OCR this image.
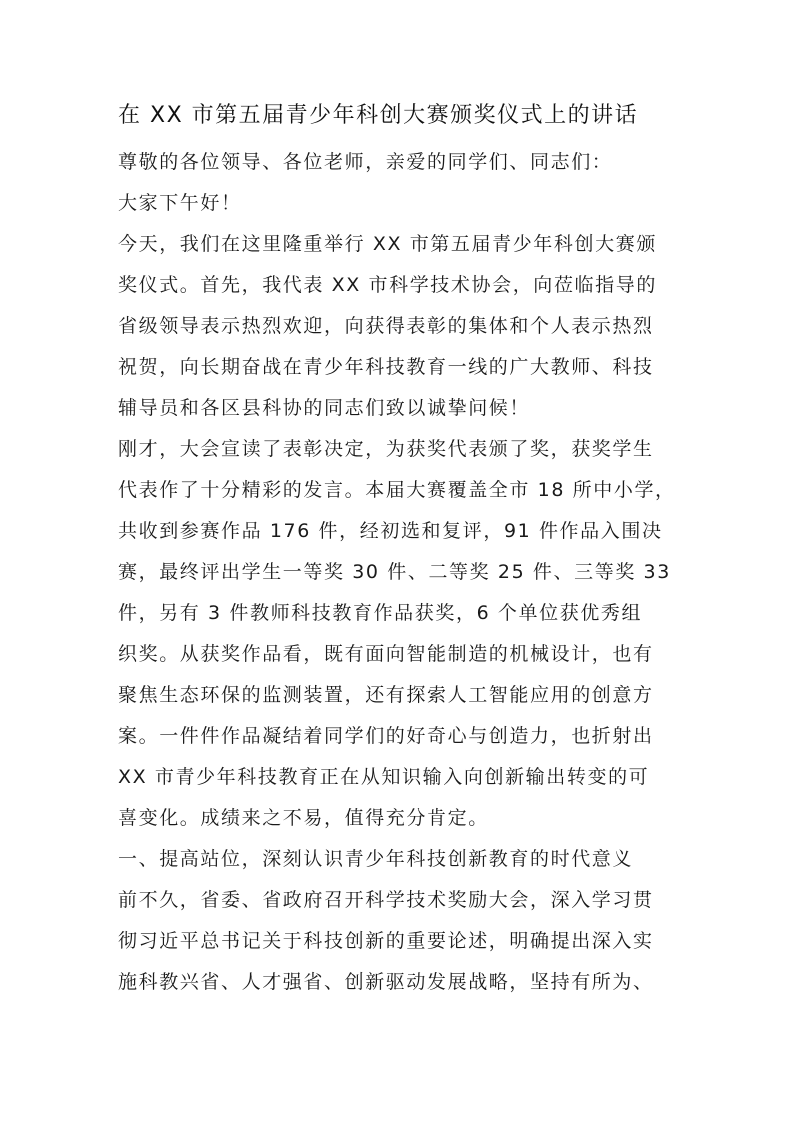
在 XX 市第五届青少年科创大赛颁奖仪式上的讲话
尊敬的各位领导、各位老师，亲爱的同学们、同志们：
大家下午好！
今天，我们在这里隆重举行 XX 市第五届青少年科创大赛颁
奖仪式。首先，我代表 XX 市科学技术协会，向莅临指导的
省级领导表示热烈欢迎，向获得表彰的集体和个人表示热烈
祝贺，向长期奋战在青少年科技教育一线的广大教师、科技
辅导员和各区县科协的同志们致以诚挚问候！
刚才，大会宣读了表彰决定，为获奖代表颁了奖，获奖学生
代表作了十分精彩的发言。本届大赛覆盖全市 18 所中小学，
共收到参赛作品 176 件，经初选和复评，91 件作品入围决
赛，最终评出学生一等奖 30 件、二等奖 25 件、三等奖 33
件，另有 3 件教师科技教育作品获奖，6 个单位获优秀组
织奖。从获奖作品看，既有面向智能制造的机械设计，也有
聚焦生态环保的监测装置，还有探索人工智能应用的创意方
案。一件件作品凝结着同学们的好奇心与创造力，也折射出
XX 市青少年科技教育正在从知识输入向创新输出转变的可
喜变化。成绩来之不易，值得充分肯定。
一、提高站位，深刻认识青少年科技创新教育的时代意义
前不久，省委、省政府召开科学技术奖励大会，深入学习贯
彻习近平总书记关于科技创新的重要论述，明确提出深入实
施科教兴省、人才强省、创新驱动发展战略，坚持有所为、
